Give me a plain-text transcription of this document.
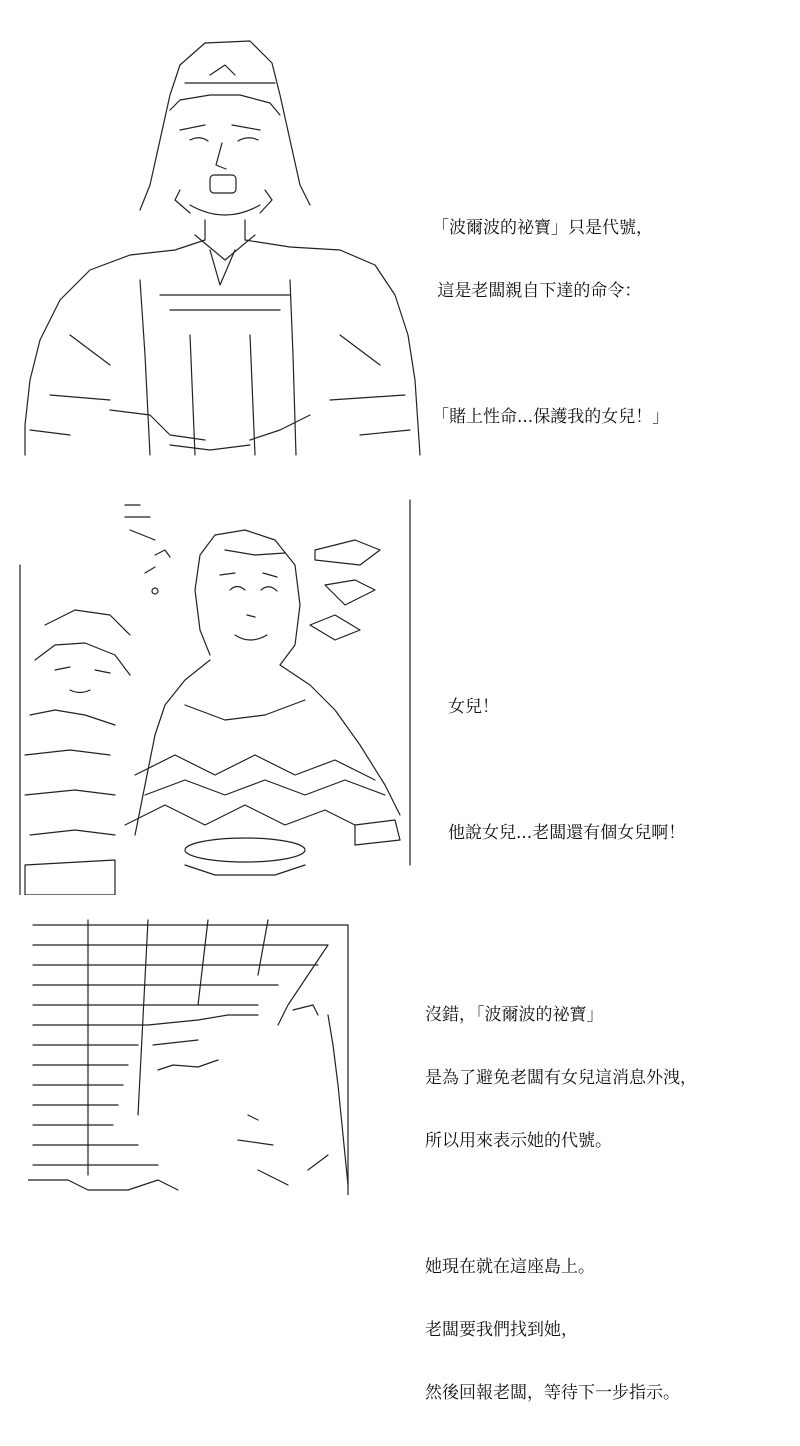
「波爾波的祕寶」只是代號，

這是老闆親自下達的命令：

「賭上性命...保護我的女兒！」

女兒！

他說女兒...老闆還有個女兒啊！

沒錯，「波爾波的祕寶」

是為了避免老闆有女兒這消息外洩，

所以用來表示她的代號。

她現在就在這座島上。

老闆要我們找到她，

然後回報老闆，等待下一步指示。
